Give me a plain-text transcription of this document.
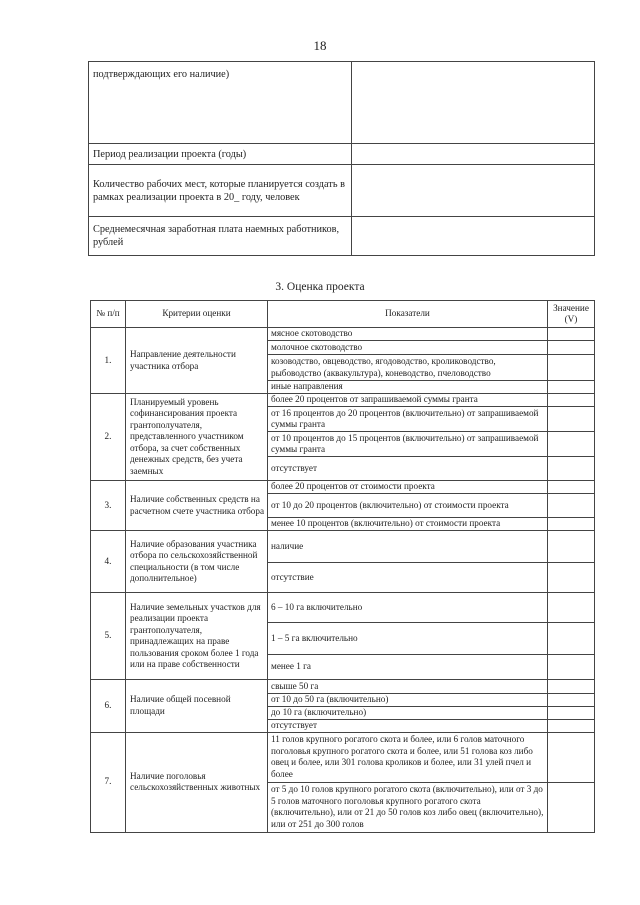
18
подтверждающих его наличие)	
Период реализации проекта (годы)	
Количество рабочих мест, которые планируется создать в рамках реализации проекта в 20_ году, человек	
Среднемесячная заработная плата наемных работников, рублей	
3. Оценка проекта
№ п/п	Критерии оценки	Показатели	Значение (V)
1.	Направление деятельности участника отбора	мясное скотоводство	
		молочное скотоводство	
		козоводство, овцеводство, ягодоводство, кролиководство, рыбоводство (аквакультура), коневодство, пчеловодство	
		иные направления	
2.	Планируемый уровень софинансирования проекта грантополучателя, представленного участником отбора, за счет собственных денежных средств, без учета заемных	более 20 процентов от запрашиваемой суммы гранта	
		от 16 процентов до 20 процентов (включительно) от запрашиваемой суммы гранта	
		от 10 процентов до 15 процентов (включительно) от запрашиваемой суммы гранта	
		отсутствует	
3.	Наличие собственных средств на расчетном счете участника отбора	более 20 процентов от стоимости проекта	
		от 10 до 20 процентов (включительно) от стоимости проекта	
		менее 10 процентов (включительно) от стоимости проекта	
4.	Наличие образования участника отбора по сельскохозяйственной специальности (в том числе дополнительное)	наличие	
		отсутствие	
5.	Наличие земельных участков для реализации проекта грантополучателя, принадлежащих на праве пользования сроком более 1 года или на праве собственности	6 – 10 га включительно	
		1 – 5 га включительно	
		менее 1 га	
6.	Наличие общей посевной площади	свыше 50 га	
		от 10 до 50 га (включительно)	
		до 10 га (включительно)	
		отсутствует	
7.	Наличие поголовья сельскохозяйственных животных	11 голов крупного рогатого скота и более, или 6 голов маточного поголовья крупного рогатого скота и более, или 51 голова коз либо овец и более, или 301 голова кроликов и более, или 31 улей пчел и более	
		от 5 до 10 голов крупного рогатого скота (включительно), или от 3 до 5 голов маточного поголовья крупного рогатого скота (включительно), или от 21 до 50 голов коз либо овец (включительно), или от 251 до 300 голов	
